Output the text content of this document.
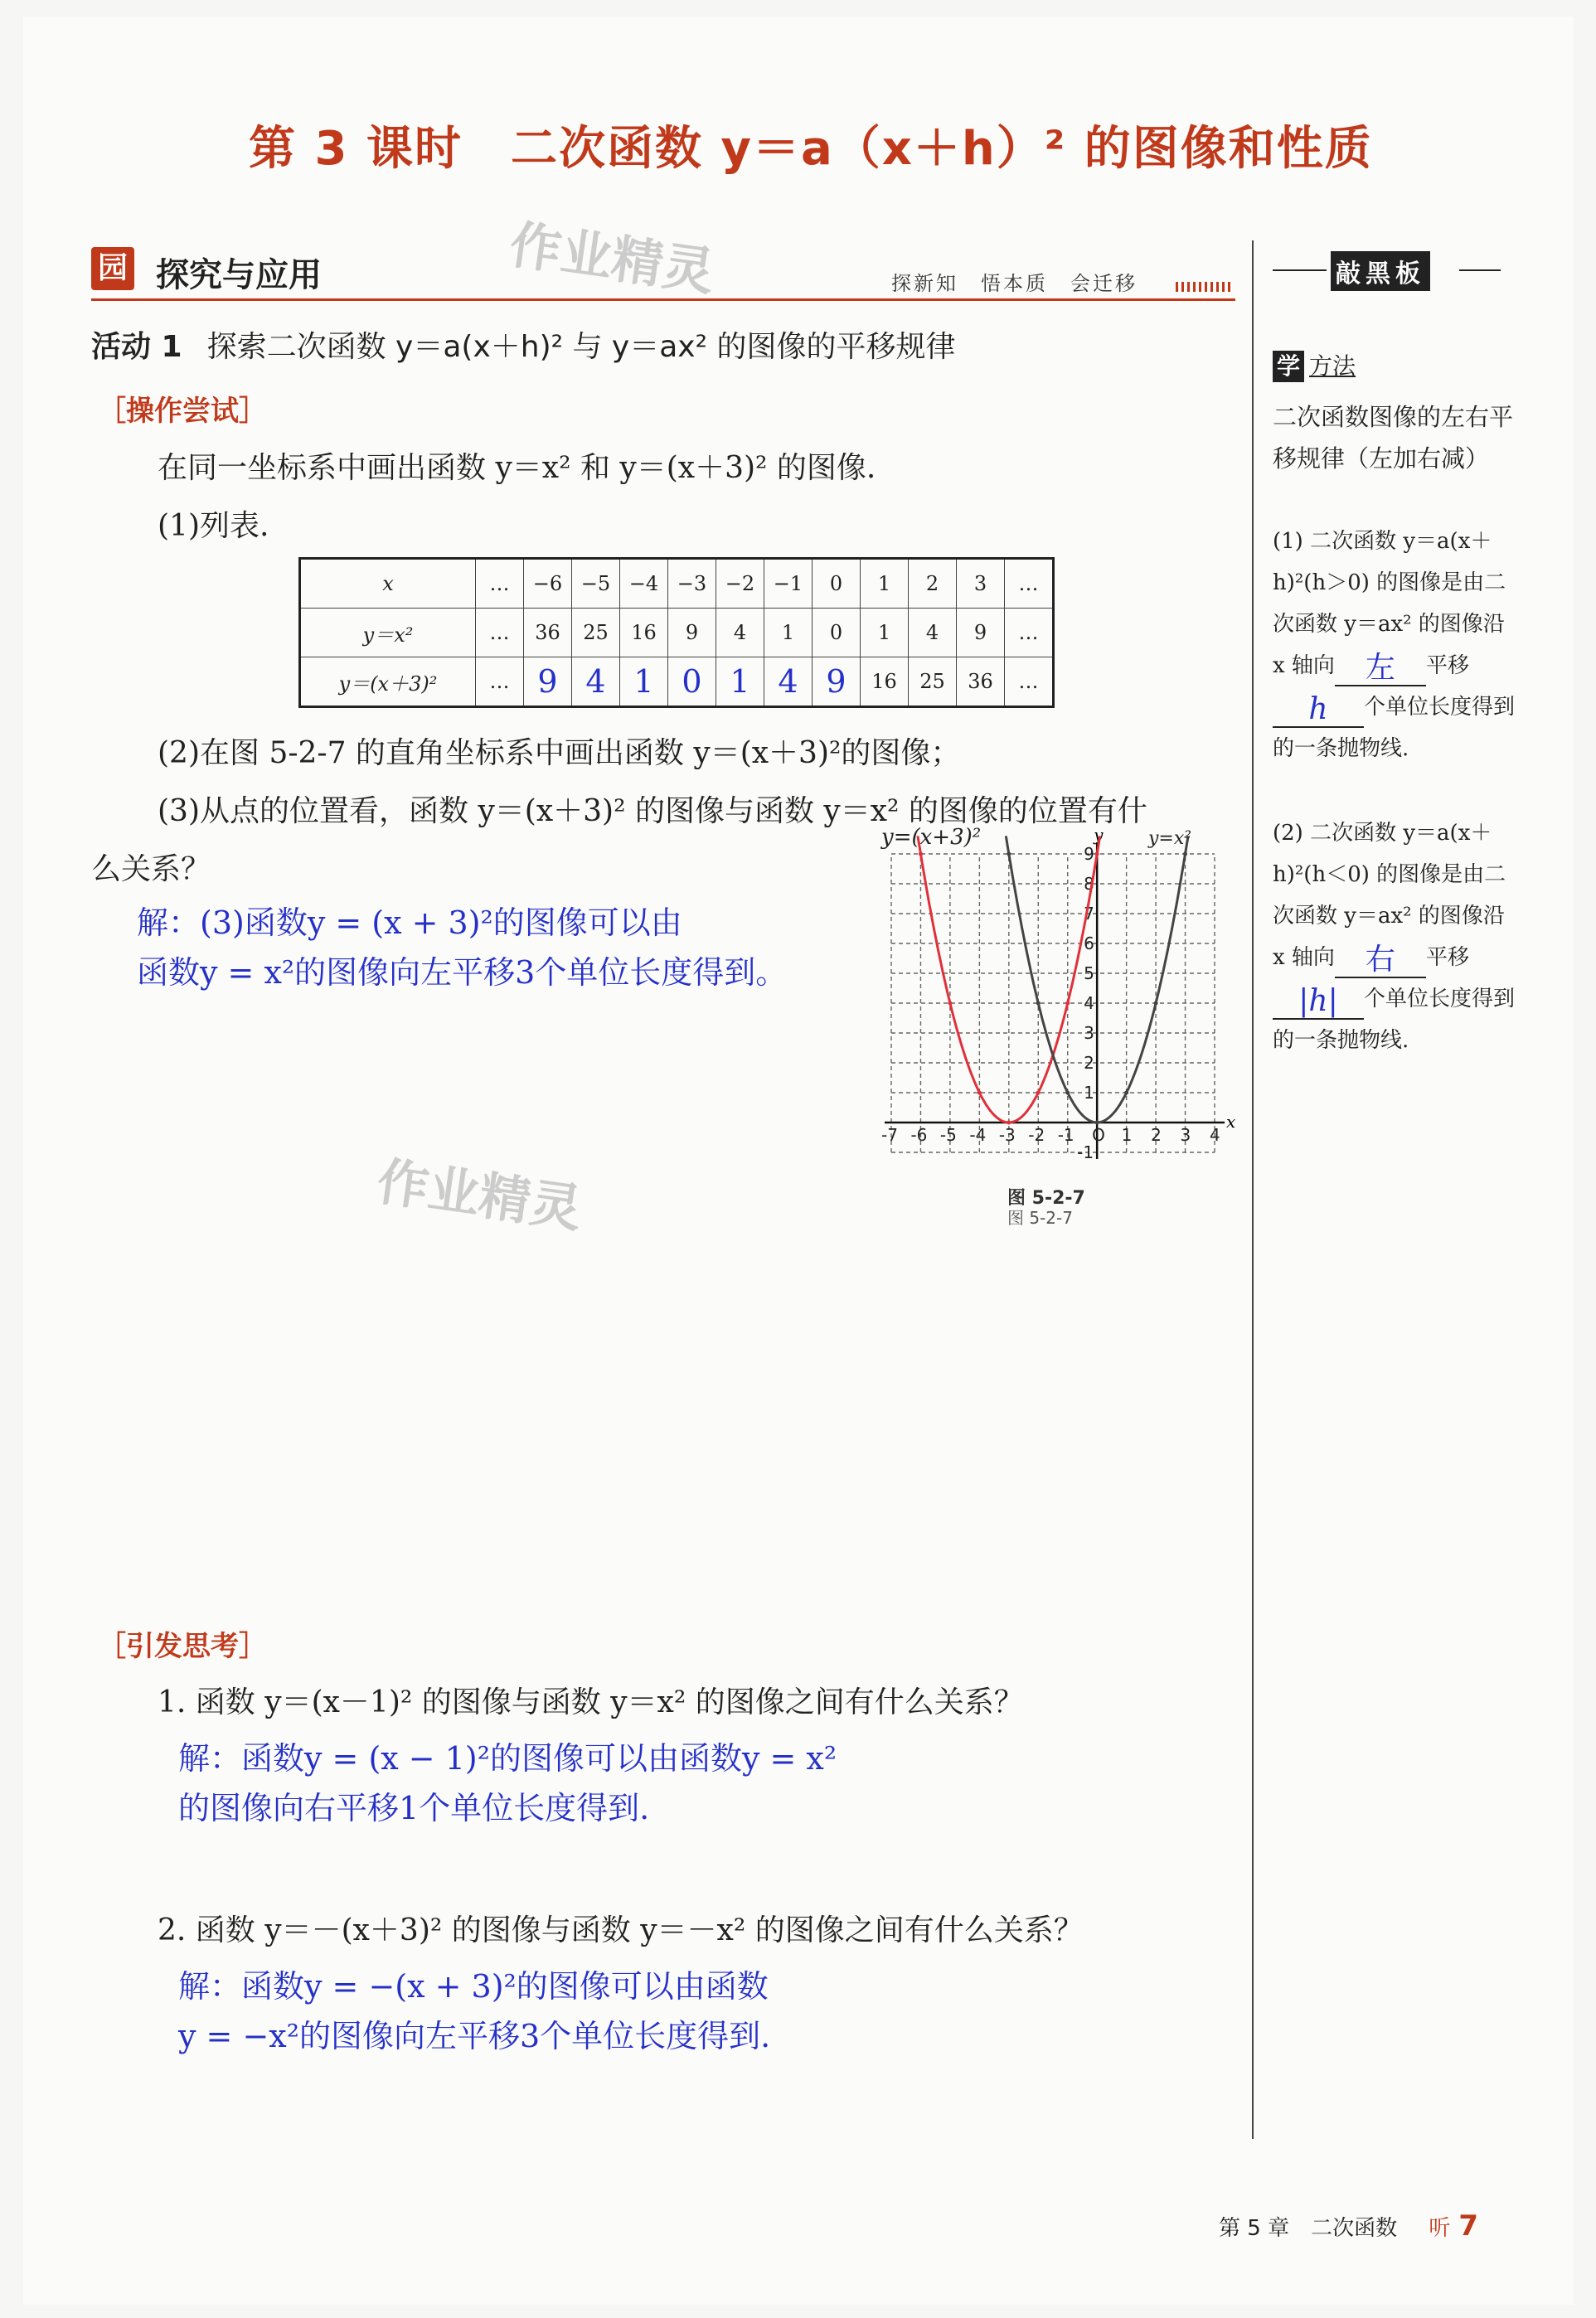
第 3 课时　二次函数 y＝a（x＋h）² 的图像和性质
园 探究与应用	探新知　悟本质　会迁移
作业精灵
作业精灵
活动 1 探索二次函数 y＝a(x＋h)² 与 y＝ax² 的图像的平移规律
［操作尝试］
在同一坐标系中画出函数 y＝x² 和 y＝(x＋3)² 的图像.
(1)列表.
x	…	−6	−5	−4	−3	−2	−1	0	1	2	3	…
y＝x²	…	36	25	16	9	4	1	0	1	4	9	…
y＝(x＋3)²	…	9	4	1	0	1	4	9	16	25	36	…
(2)在图 5-2-7 的直角坐标系中画出函数 y＝(x＋3)²的图像；
(3)从点的位置看，函数 y＝(x＋3)² 的图像与函数 y＝x² 的图像的位置有什
么关系？
解：(3)函数y = (x + 3)²的图像可以由
函数y = x²的图像向左平移3个单位长度得到。
x
y
-7 -6 -5 -4 -3 -2 -1 O 1 2 3 4
9
8
7
6
5
4
3
2
1
-1
y=(x+3)²	y=x²
图 5-2-7
图 5-2-7
［引发思考］
1. 函数 y＝(x－1)² 的图像与函数 y＝x² 的图像之间有什么关系？
解：函数y = (x − 1)²的图像可以由函数y = x²
的图像向右平移1个单位长度得到.
2. 函数 y＝－(x＋3)² 的图像与函数 y＝－x² 的图像之间有什么关系？
解：函数y = −(x + 3)²的图像可以由函数
y = −x²的图像向左平移3个单位长度得到.
敲黑板
学 方法
二次函数图像的左右平移规律（左加右减）
(1) 二次函数 y＝a(x＋h)²(h＞0) 的图像是由二次函数 y＝ax² 的图像沿 x 轴向 左 平移
h 个单位长度得到的一条抛物线.
(2) 二次函数 y＝a(x＋h)²(h＜0) 的图像是由二次函数 y＝ax² 的图像沿 x 轴向 右 平移
|h| 个单位长度得到的一条抛物线.
第 5 章　二次函数 听 7
